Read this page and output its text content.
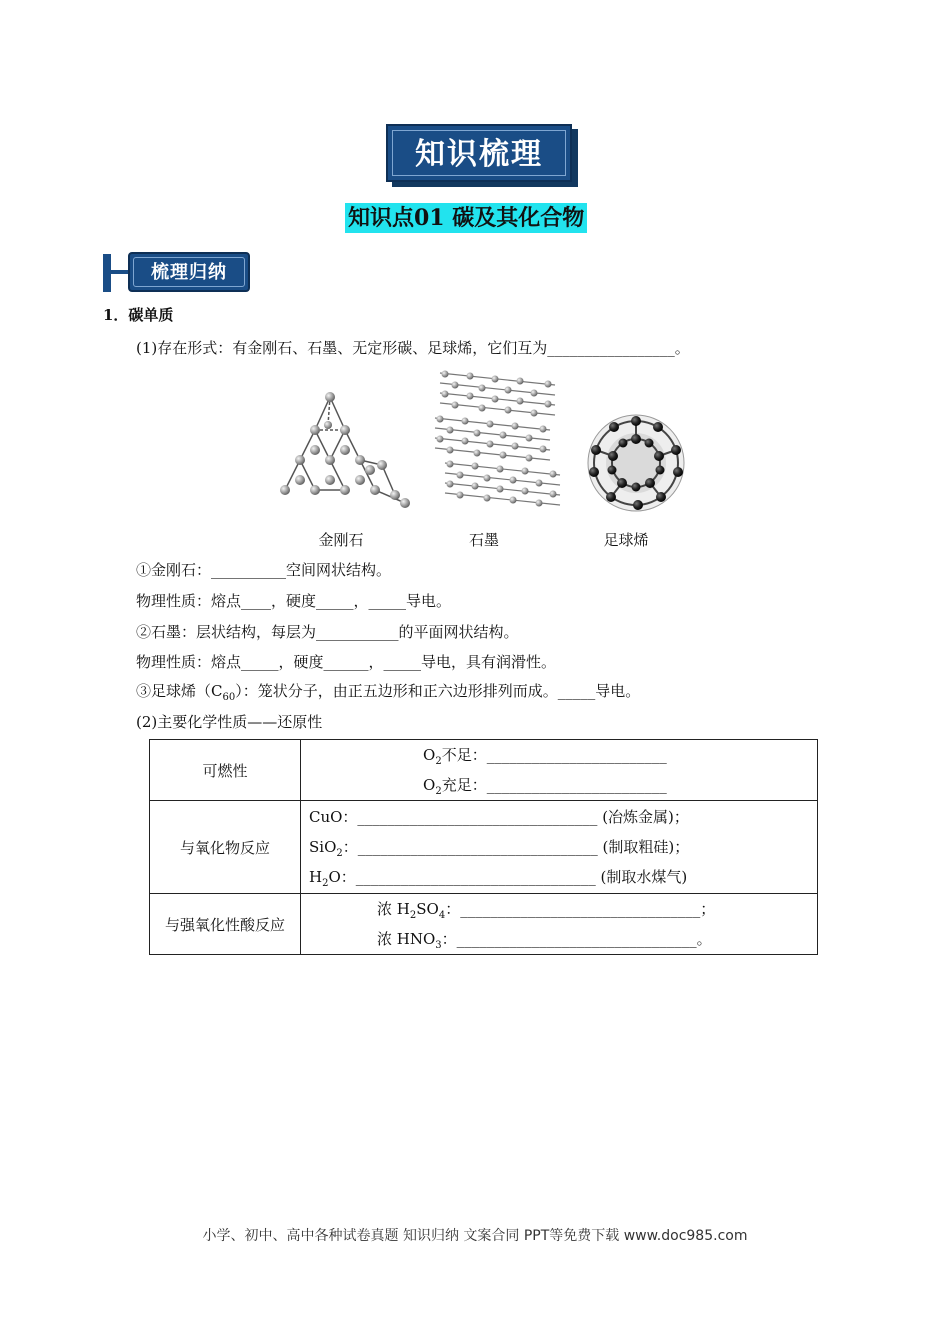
知识梳理
知识点01 碳及其化合物
梳理归纳
1．碳单质
(1)存在形式：有金刚石、石墨、无定形碳、足球烯，它们互为_________________。
金刚石	石墨	足球烯
①金刚石：__________空间网状结构。
物理性质：熔点____，硬度_____，_____导电。
②石墨：层状结构，每层为___________的平面网状结构。
物理性质：熔点_____，硬度______，_____导电，具有润滑性。
③足球烯$(C_{60})$：笼状分子，由正五边形和正六边形排列而成。_____导电。
(2)主要化学性质——还原性
可燃性	$O_2$不足：________________________
$O_2$充足：________________________

与氧化物反应	CuO：________________________________ (冶炼金属)；
SiO$_2$：________________________________ (制取粗硅)；
$H_2O$：________________________________ (制取水煤气)

与强氧化性酸反应	浓 $H_2SO_4$：________________________________；
浓 $HNO_3$：________________________________。
小学、初中、高中各种试卷真题 知识归纳 文案合同 PPT等免费下载 www.doc985.com
